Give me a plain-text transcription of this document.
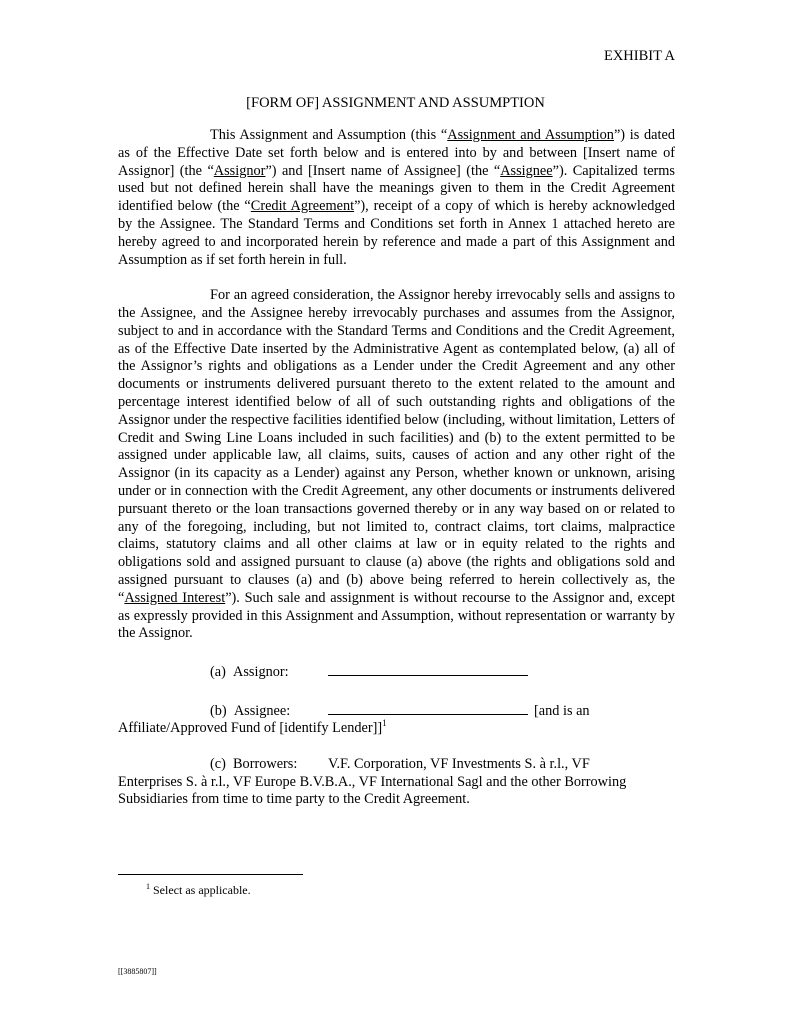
EXHIBIT A
[FORM OF] ASSIGNMENT AND ASSUMPTION

This Assignment and Assumption (this “Assignment and Assumption”) is dated as of the Effective Date set forth below and is entered into by and between [Insert name of Assignor] (the “Assignor”) and [Insert name of Assignee] (the “Assignee”). Capitalized terms used but not defined herein shall have the meanings given to them in the Credit Agreement identified below (the “Credit Agreement”), receipt of a copy of which is hereby acknowledged by the Assignee. The Standard Terms and Conditions set forth in Annex 1 attached hereto are hereby agreed to and incorporated herein by reference and made a part of this Assignment and Assumption as if set forth herein in full.

For an agreed consideration, the Assignor hereby irrevocably sells and assigns to the Assignee, and the Assignee hereby irrevocably purchases and assumes from the Assignor, subject to and in accordance with the Standard Terms and Conditions and the Credit Agreement, as of the Effective Date inserted by the Administrative Agent as contemplated below, (a) all of the Assignor’s rights and obligations as a Lender under the Credit Agreement and any other documents or instruments delivered pursuant thereto to the extent related to the amount and percentage interest identified below of all of such outstanding rights and obligations of the Assignor under the respective facilities identified below (including, without limitation, Letters of Credit and Swing Line Loans included in such facilities) and (b) to the extent permitted to be assigned under applicable law, all claims, suits, causes of action and any other right of the Assignor (in its capacity as a Lender) against any Person, whether known or unknown, arising under or in connection with the Credit Agreement, any other documents or instruments delivered pursuant thereto or the loan transactions governed thereby or in any way based on or related to any of the foregoing, including, but not limited to, contract claims, tort claims, malpractice claims, statutory claims and all other claims at law or in equity related to the rights and obligations sold and assigned pursuant to clause (a) above (the rights and obligations sold and assigned pursuant to clauses (a) and (b) above being referred to herein collectively as, the “Assigned Interest”). Such sale and assignment is without recourse to the Assignor and, except as expressly provided in this Assignment and Assumption, without representation or warranty by the Assignor.

(a)  Assignor:

(b)  Assignee:	[and is an
Affiliate/Approved Fund of [identify Lender]]$^1$

(c)  Borrowers:	V.F. Corporation, VF Investments S. à r.l., VF
Enterprises S. à r.l., VF Europe B.V.B.A., VF International Sagl and the other Borrowing Subsidiaries from time to time party to the Credit Agreement.

$^1$ Select as applicable.
[[3885807]]
